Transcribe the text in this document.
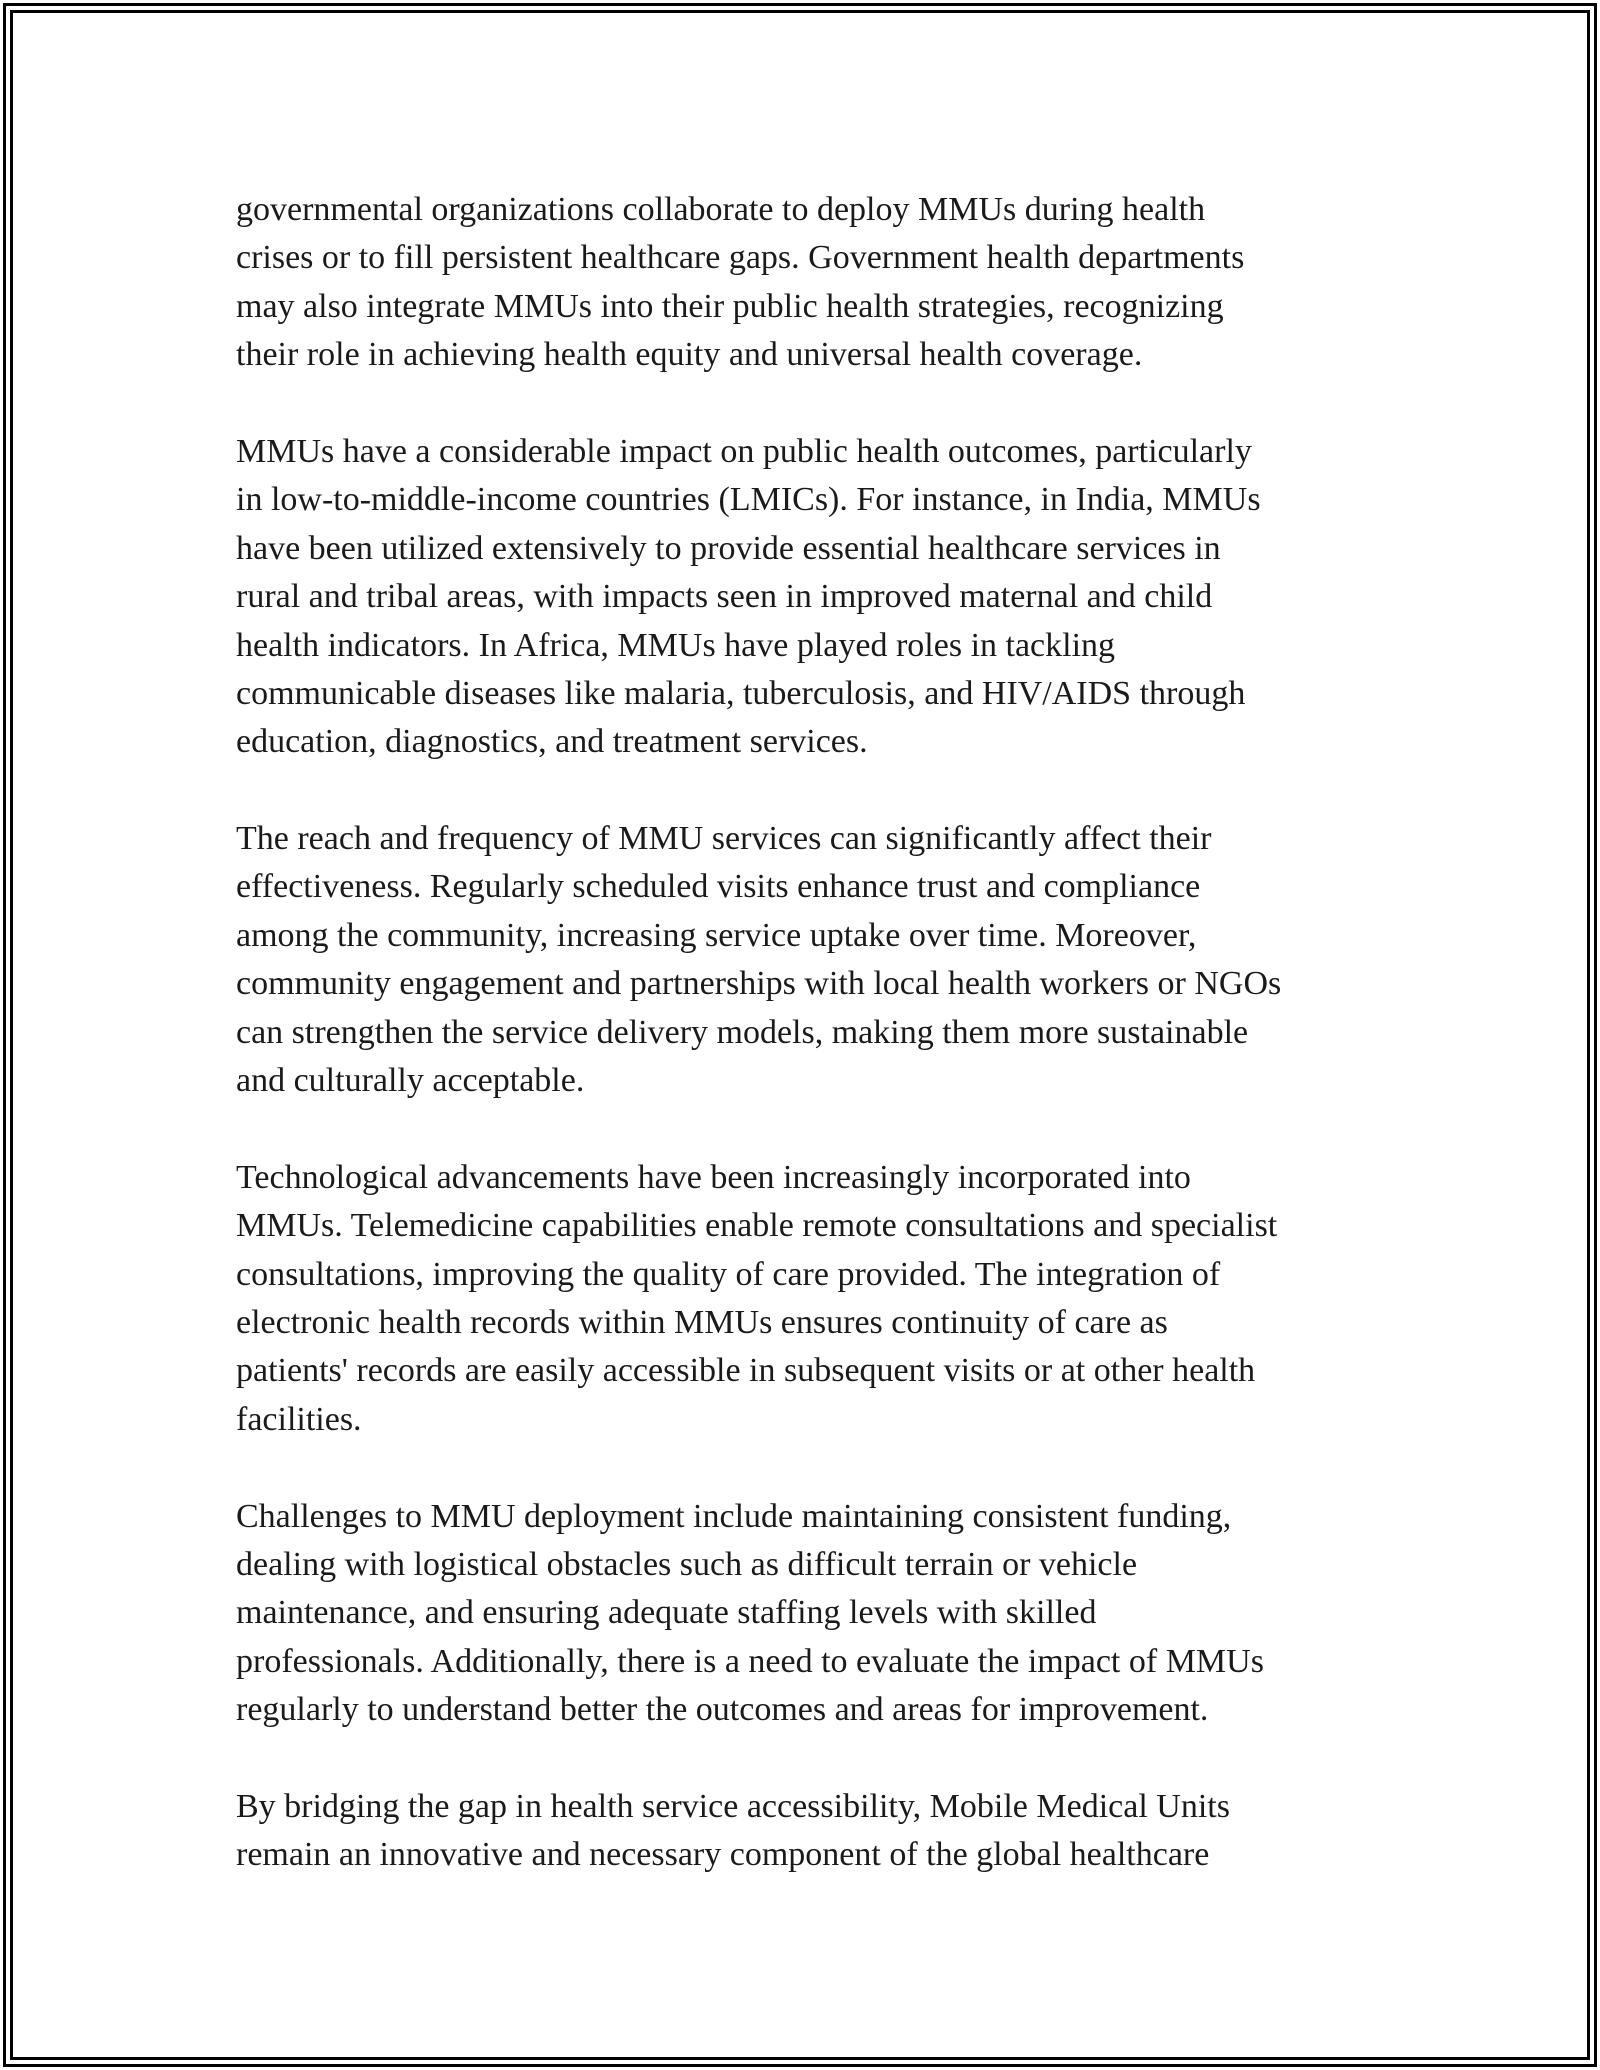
governmental organizations collaborate to deploy MMUs during health
crises or to fill persistent healthcare gaps. Government health departments
may also integrate MMUs into their public health strategies, recognizing
their role in achieving health equity and universal health coverage.

MMUs have a considerable impact on public health outcomes, particularly
in low-to-middle-income countries (LMICs). For instance, in India, MMUs
have been utilized extensively to provide essential healthcare services in
rural and tribal areas, with impacts seen in improved maternal and child
health indicators. In Africa, MMUs have played roles in tackling
communicable diseases like malaria, tuberculosis, and HIV/AIDS through
education, diagnostics, and treatment services.

The reach and frequency of MMU services can significantly affect their
effectiveness. Regularly scheduled visits enhance trust and compliance
among the community, increasing service uptake over time. Moreover,
community engagement and partnerships with local health workers or NGOs
can strengthen the service delivery models, making them more sustainable
and culturally acceptable.

Technological advancements have been increasingly incorporated into
MMUs. Telemedicine capabilities enable remote consultations and specialist
consultations, improving the quality of care provided. The integration of
electronic health records within MMUs ensures continuity of care as
patients' records are easily accessible in subsequent visits or at other health
facilities.

Challenges to MMU deployment include maintaining consistent funding,
dealing with logistical obstacles such as difficult terrain or vehicle
maintenance, and ensuring adequate staffing levels with skilled
professionals. Additionally, there is a need to evaluate the impact of MMUs
regularly to understand better the outcomes and areas for improvement.

By bridging the gap in health service accessibility, Mobile Medical Units
remain an innovative and necessary component of the global healthcare
